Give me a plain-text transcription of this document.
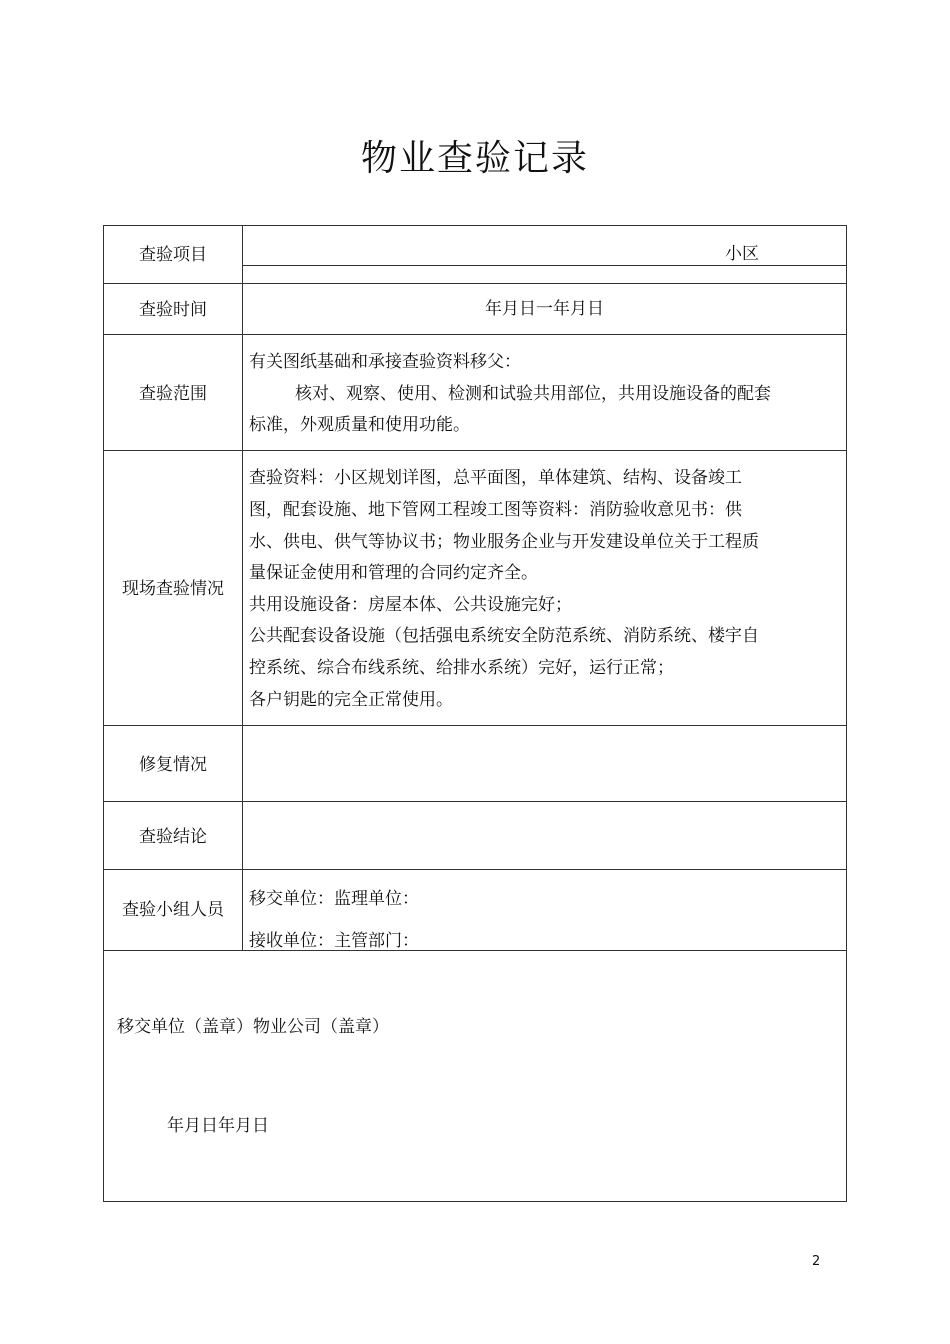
物业查验记录
查验项目	小区
查验时间	年月日一年月日
查验范围
有关图纸基础和承接查验资料移父：
核对、观察、使用、检测和试验共用部位，共用设施设备的配套
标准，外观质量和使用功能。
现场查验情况
查验资料：小区规划详图，总平面图，单体建筑、结构、设备竣工
图，配套设施、地下管网工程竣工图等资料：消防验收意见书：供
水、供电、供气等协议书；物业服务企业与开发建设单位关于工程质
量保证金使用和管理的合同约定齐全。
共用设施设备：房屋本体、公共设施完好；
公共配套设备设施（包括强电系统安全防范系统、消防系统、楼宇自
控系统、综合布线系统、给排水系统）完好，运行正常；
各户钥匙的完全正常使用。
修复情况
查验结论
查验小组人员
移交单位：监理单位：
接收单位：主管部门：
移交单位（盖章）物业公司（盖章）
年月日年月日
2
